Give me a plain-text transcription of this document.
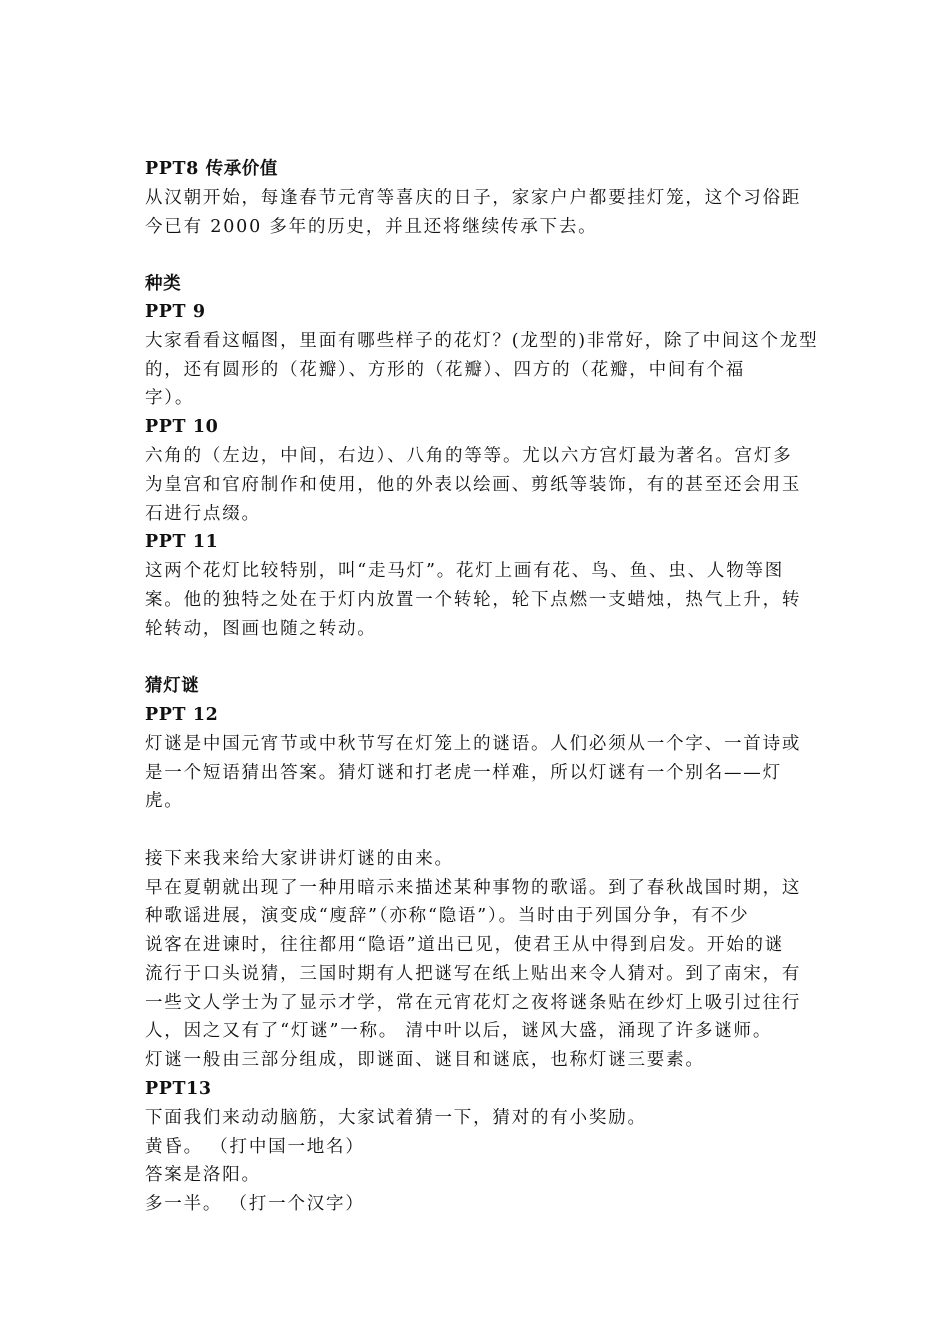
PPT8 传承价值
从汉朝开始，每逢春节元宵等喜庆的日子，家家户户都要挂灯笼，这个习俗距
今已有 2000 多年的历史，并且还将继续传承下去。
种类
PPT 9
大家看看这幅图，里面有哪些样子的花灯？(龙型的)非常好，除了中间这个龙型
的，还有圆形的（花瓣）、方形的（花瓣）、四方的（花瓣，中间有个福
字）。
PPT 10
六角的（左边，中间，右边）、八角的等等。尤以六方宫灯最为著名。宫灯多
为皇宫和官府制作和使用，他的外表以绘画、剪纸等装饰，有的甚至还会用玉
石进行点缀。
PPT 11
这两个花灯比较特别，叫“走马灯”。花灯上画有花、鸟、鱼、虫、人物等图
案。他的独特之处在于灯内放置一个转轮，轮下点燃一支蜡烛，热气上升，转
轮转动，图画也随之转动。
猜灯谜
PPT 12
灯谜是中国元宵节或中秋节写在灯笼上的谜语。人们必须从一个字、一首诗或
是一个短语猜出答案。猜灯谜和打老虎一样难，所以灯谜有一个别名——灯
虎。
接下来我来给大家讲讲灯谜的由来。
早在夏朝就出现了一种用暗示来描述某种事物的歌谣。到了春秋战国时期，这
种歌谣进展，演变成“廋辞”（亦称“隐语”）。当时由于列国分争，有不少
说客在进谏时，往往都用“隐语”道出已见，使君王从中得到启发。开始的谜
流行于口头说猜，三国时期有人把谜写在纸上贴出来令人猜对。到了南宋，有
一些文人学士为了显示才学，常在元宵花灯之夜将谜条贴在纱灯上吸引过往行
人，因之又有了“灯谜”一称。 清中叶以后，谜风大盛，涌现了许多谜师。
灯谜一般由三部分组成，即谜面、谜目和谜底，也称灯谜三要素。
PPT13
下面我们来动动脑筋，大家试着猜一下，猜对的有小奖励。
黄昏。 （打中国一地名）
答案是洛阳。
多一半。 （打一个汉字）
